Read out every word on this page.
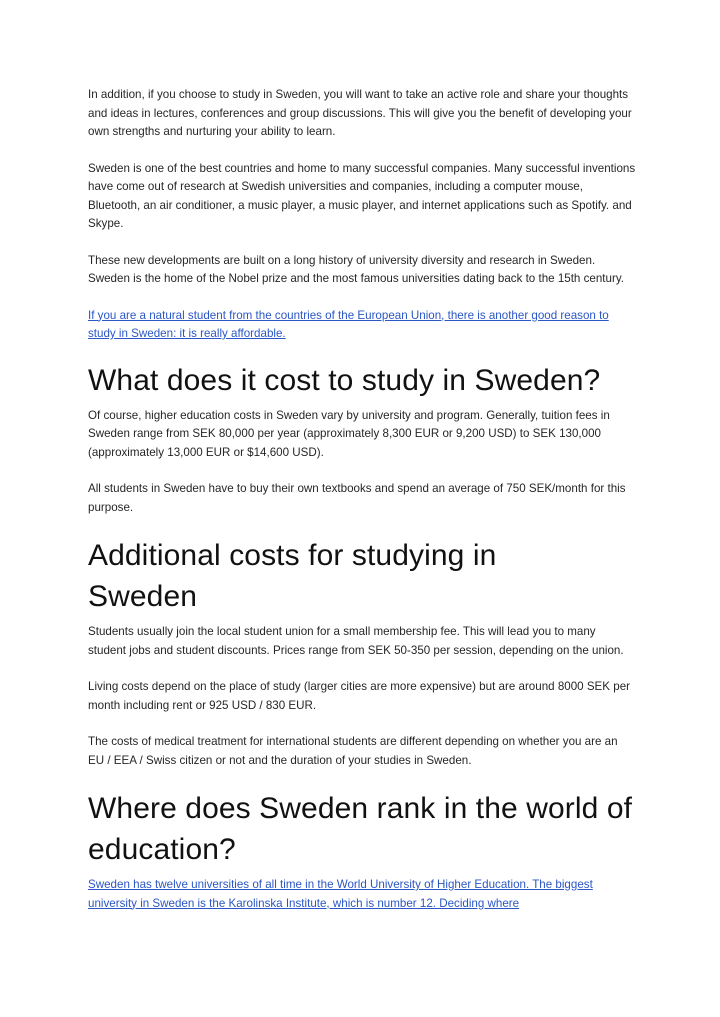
In addition, if you choose to study in Sweden, you will want to take an active role and share your thoughts and ideas in lectures, conferences and group discussions. This will give you the benefit of developing your own strengths and nurturing your ability to learn.

Sweden is one of the best countries and home to many successful companies. Many successful inventions have come out of research at Swedish universities and companies, including a computer mouse, Bluetooth, an air conditioner, a music player, a music player, and internet applications such as Spotify. and Skype.

These new developments are built on a long history of university diversity and research in Sweden. Sweden is the home of the Nobel prize and the most famous universities dating back to the 15th century.

If you are a natural student from the countries of the European Union, there is another good reason to study in Sweden: it is really affordable.

What does it cost to study in Sweden?

Of course, higher education costs in Sweden vary by university and program. Generally, tuition fees in Sweden range from SEK 80,000 per year (approximately 8,300 EUR or 9,200 USD) to SEK 130,000 (approximately 13,000 EUR or $14,600 USD).

All students in Sweden have to buy their own textbooks and spend an average of 750 SEK/month for this purpose.

Additional costs for studying in Sweden

Students usually join the local student union for a small membership fee. This will lead you to many student jobs and student discounts. Prices range from SEK 50-350 per session, depending on the union.

Living costs depend on the place of study (larger cities are more expensive) but are around 8000 SEK per month including rent or 925 USD / 830 EUR.

The costs of medical treatment for international students are different depending on whether you are an EU / EEA / Swiss citizen or not and the duration of your studies in Sweden.

Where does Sweden rank in the world of education?

Sweden has twelve universities of all time in the World University of Higher Education. The biggest university in Sweden is the Karolinska Institute, which is number 12. Deciding where
